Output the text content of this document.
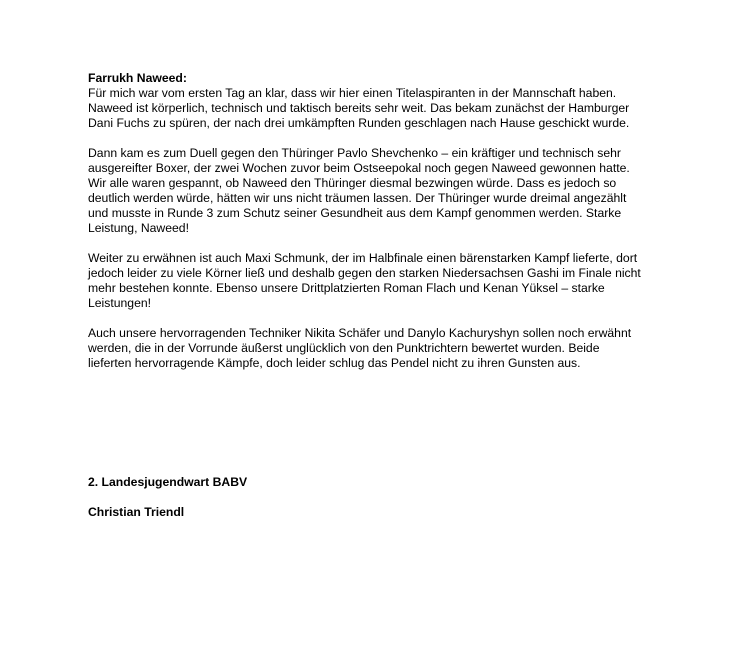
Farrukh Naweed:

Für mich war vom ersten Tag an klar, dass wir hier einen Titelaspiranten in der Mannschaft haben.
Naweed ist körperlich, technisch und taktisch bereits sehr weit. Das bekam zunächst der Hamburger
Dani Fuchs zu spüren, der nach drei umkämpften Runden geschlagen nach Hause geschickt wurde.

Dann kam es zum Duell gegen den Thüringer Pavlo Shevchenko – ein kräftiger und technisch sehr
ausgereifter Boxer, der zwei Wochen zuvor beim Ostseepokal noch gegen Naweed gewonnen hatte.
Wir alle waren gespannt, ob Naweed den Thüringer diesmal bezwingen würde. Dass es jedoch so
deutlich werden würde, hätten wir uns nicht träumen lassen. Der Thüringer wurde dreimal angezählt
und musste in Runde 3 zum Schutz seiner Gesundheit aus dem Kampf genommen werden. Starke
Leistung, Naweed!

Weiter zu erwähnen ist auch Maxi Schmunk, der im Halbfinale einen bärenstarken Kampf lieferte, dort
jedoch leider zu viele Körner ließ und deshalb gegen den starken Niedersachsen Gashi im Finale nicht
mehr bestehen konnte. Ebenso unsere Drittplatzierten Roman Flach und Kenan Yüksel – starke
Leistungen!

Auch unsere hervorragenden Techniker Nikita Schäfer und Danylo Kachuryshyn sollen noch erwähnt
werden, die in der Vorrunde äußerst unglücklich von den Punktrichtern bewertet wurden. Beide
lieferten hervorragende Kämpfe, doch leider schlug das Pendel nicht zu ihren Gunsten aus.

2. Landesjugendwart BABV
Christian Triendl
